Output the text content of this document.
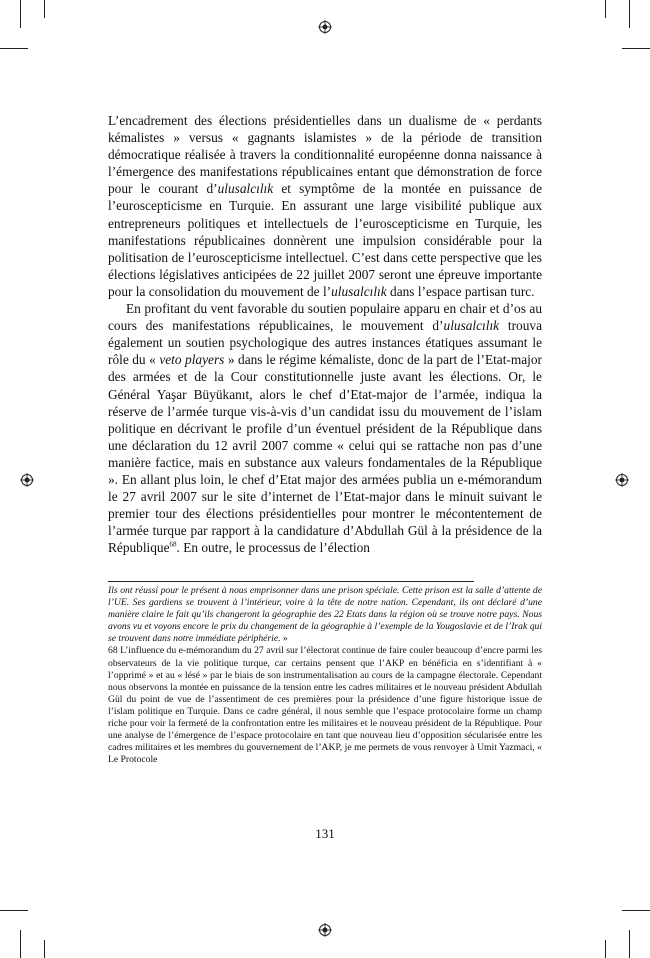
L’encadrement des élections présidentielles dans un dualisme de « perdants kémalistes » versus « gagnants islamistes » de la période de transition démocratique réalisée à travers la conditionnalité européenne donna naissance à l’émergence des manifestations républicaines entant que démonstration de force pour le courant d’ulusalcılık et symptôme de la montée en puissance de l’euroscepticisme en Turquie. En assurant une large visibilité publique aux entrepreneurs politiques et intellectuels de l’euroscepticisme en Turquie, les manifestations républicaines donnèrent une impulsion considérable pour la politisation de l’euroscepticisme intellectuel. C’est dans cette perspective que les élections législatives anticipées de 22 juillet 2007 seront une épreuve importante pour la consolidation du mouvement de l’ulusalcılık dans l’espace partisan turc.

En profitant du vent favorable du soutien populaire apparu en chair et d’os au cours des manifestations républicaines, le mouvement d’ulusalcılık trouva également un soutien psychologique des autres instances étatiques assumant le rôle du « veto players » dans le régime kémaliste, donc de la part de l’Etat-major des armées et de la Cour constitutionnelle juste avant les élections. Or, le Général Yaşar Büyükanıt, alors le chef d’Etat-major de l’armée, indiqua la réserve de l’armée turque vis-à-vis d’un candidat issu du mouvement de l’islam politique en décrivant le profile d’un éventuel président de la République dans une déclaration du 12 avril 2007 comme « celui qui se rattache non pas d’une manière factice, mais en substance aux valeurs fondamentales de la République ». En allant plus loin, le chef d’Etat major des armées publia un e-mémorandum le 27 avril 2007 sur le site d’internet de l’Etat-major dans le minuit suivant le premier tour des élections présidentielles pour montrer le mécontentement de l’armée turque par rapport à la candidature d’Abdullah Gül à la présidence de la République$^{68}$. En outre, le processus de l’élection

Ils ont réussi pour le présent à nous emprisonner dans une prison spéciale. Cette prison est la salle d’attente de l’UE. Ses gardiens se trouvent à l’intérieur, voire à la tête de notre nation. Cependant, ils ont déclaré d’une manière claire le fait qu’ils changeront la géographie des 22 Etats dans la région où se trouve notre pays. Nous avons vu et voyons encore le prix du changement de la géographie à l’exemple de la Yougoslavie et de l’Irak qui se trouvent dans notre immédiate périphérie. »

68 L’influence du e-mémorandum du 27 avril sur l’électorat continue de faire couler beaucoup d’encre parmi les observateurs de la vie politique turque, car certains pensent que l’AKP en bénéficia en s’identifiant à « l’opprimé » et au « lésé » par le biais de son instrumentalisation au cours de la campagne électorale. Cependant nous observons la montée en puissance de la tension entre les cadres militaires et le nouveau président Abdullah Gül du point de vue de l’assentiment de ces premières pour la présidence d’une figure historique issue de l’islam politique en Turquie. Dans ce cadre général, il nous semble que l’espace protocolaire forme un champ riche pour voir la fermeté de la confrontation entre les militaires et le nouveau président de la République. Pour une analyse de l’émergence de l’espace protocolaire en tant que nouveau lieu d’opposition sécularisée entre les cadres militaires et les membres du gouvernement de l’AKP, je me permets de vous renvoyer à Umit Yazmaci, « Le Protocole

131
